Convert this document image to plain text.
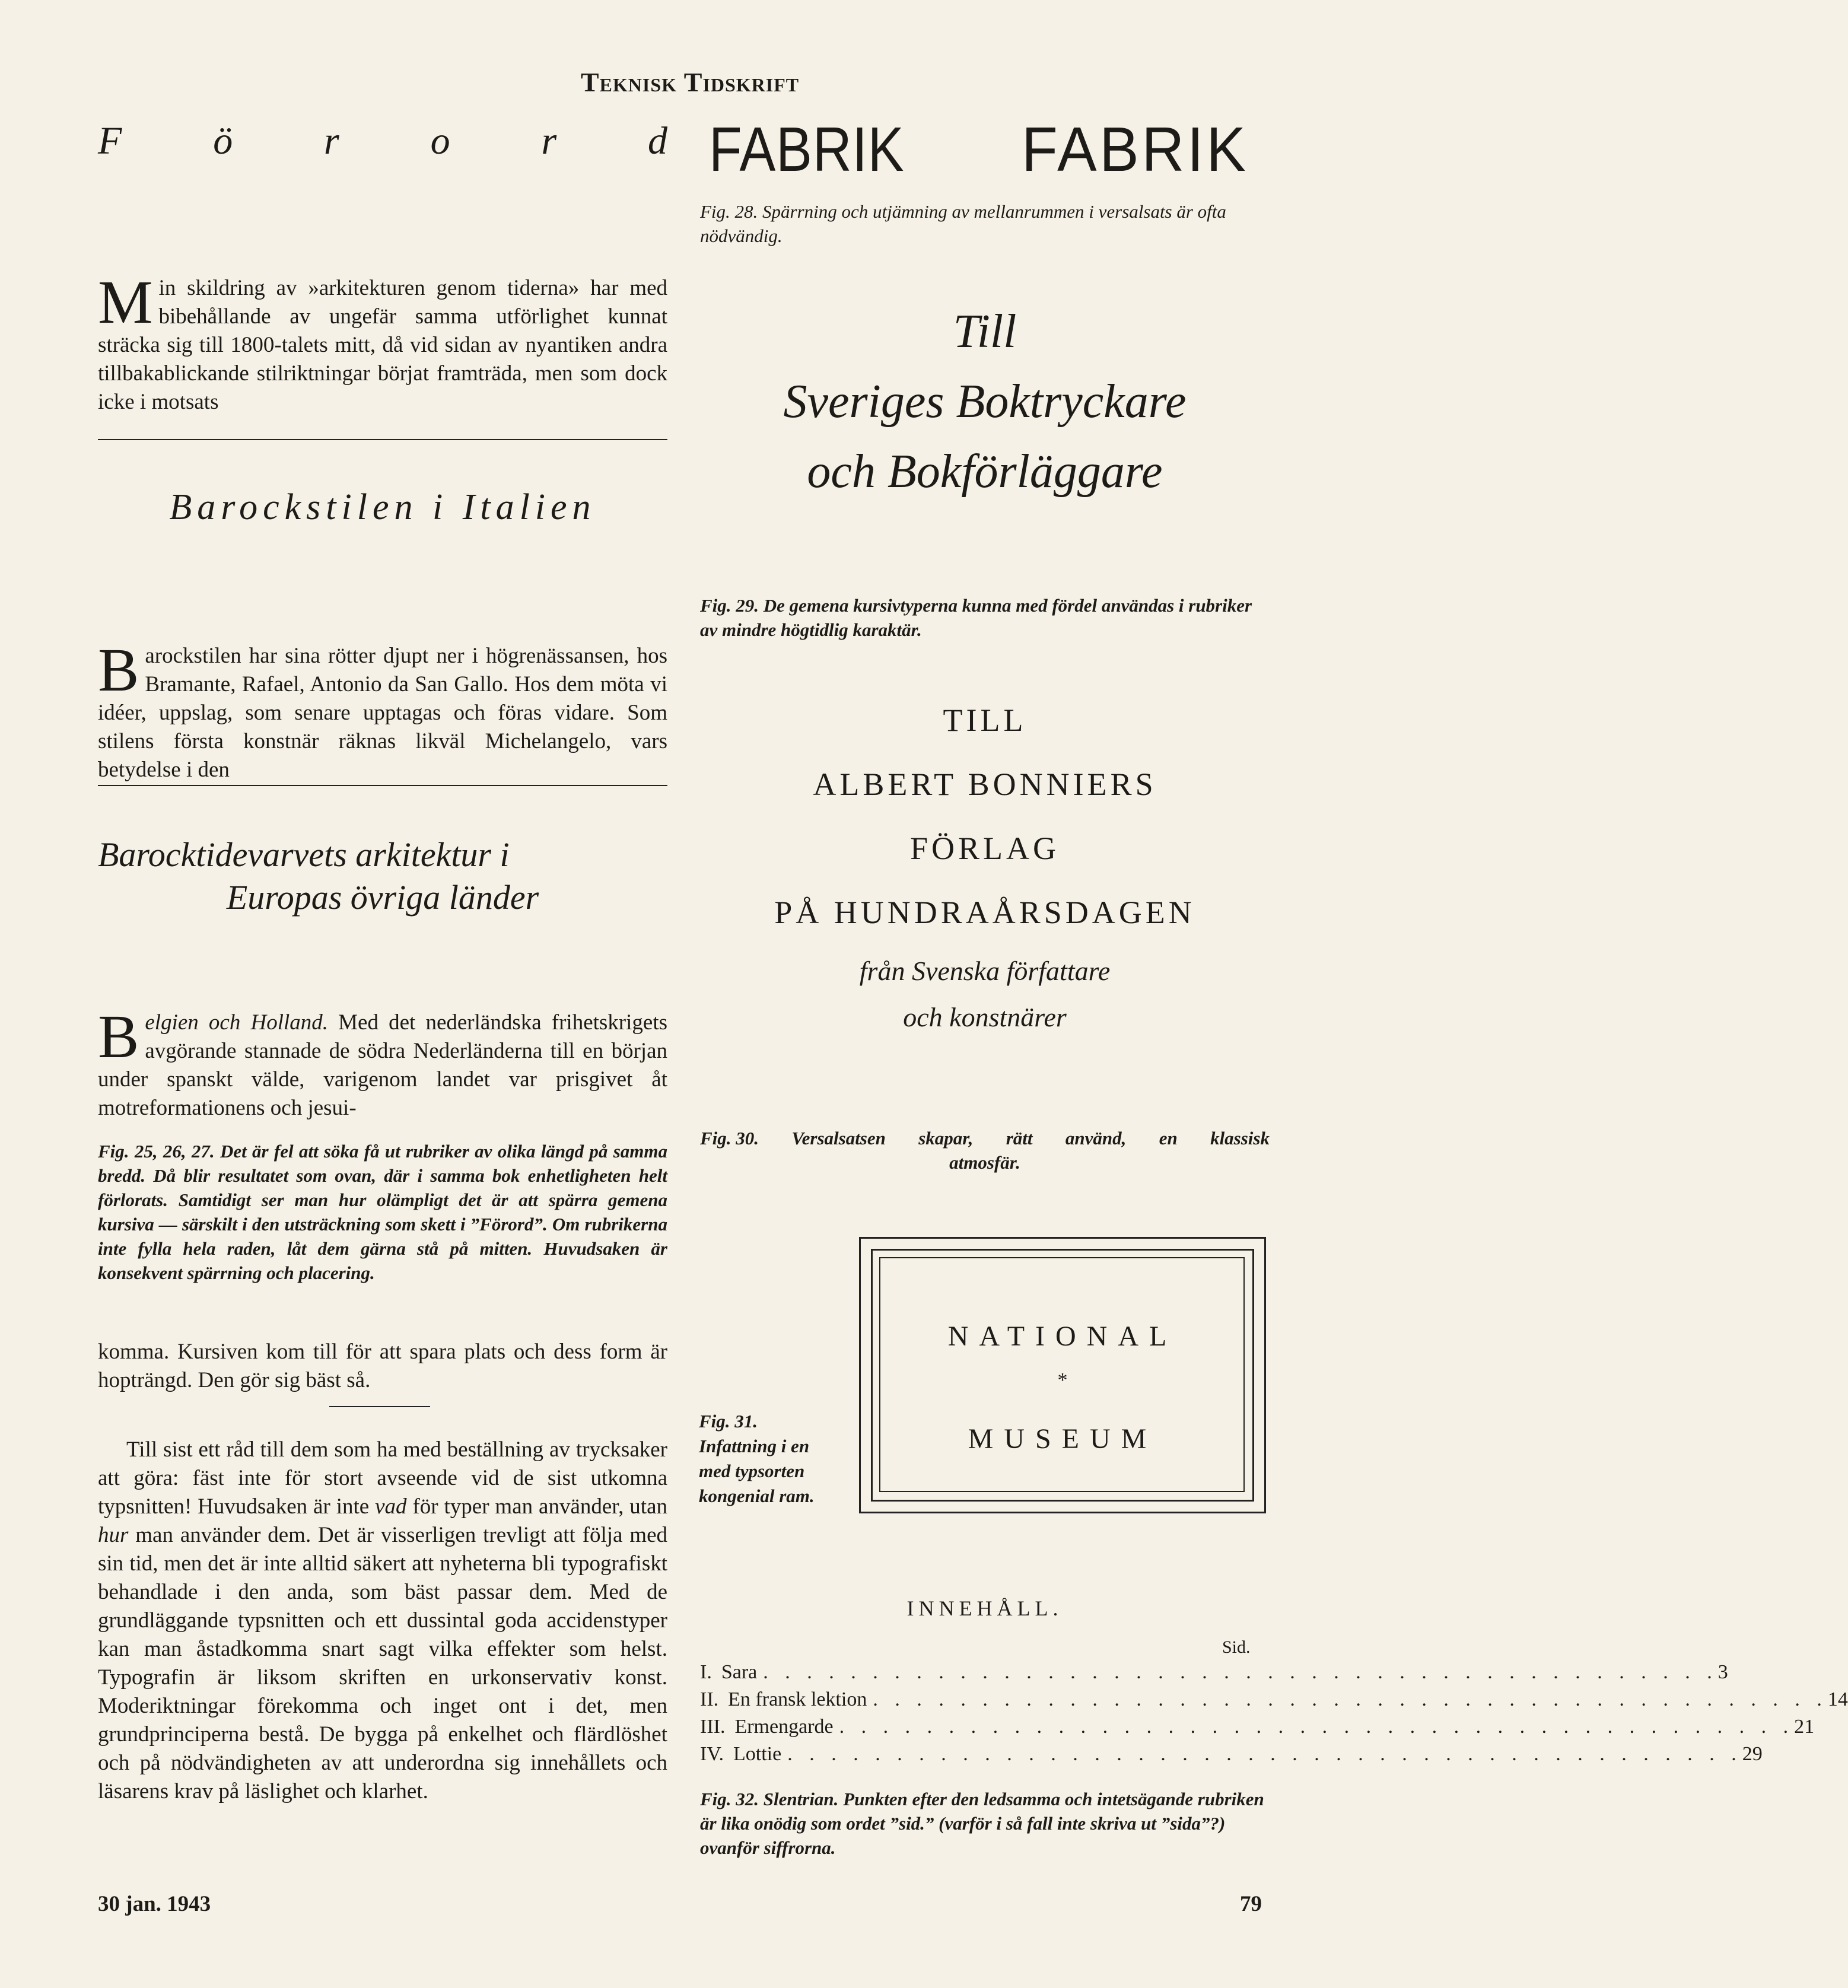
Teknisk Tidskrift
F ö r o r d
Min skildring av »arkitekturen genom tiderna» har med bibehållande av ungefär samma utförlighet kunnat sträcka sig till 1800-talets mitt, då vid sidan av nyantiken andra tillbakablickande stilriktningar börjat framträda, men som dock icke i motsats
Barockstilen i Italien
Barockstilen har sina rötter djupt ner i högrenässansen, hos Bramante, Rafael, Antonio da San Gallo. Hos dem möta vi idéer, uppslag, som senare upptagas och föras vidare. Som stilens första konstnär räknas likväl Michelangelo, vars betydelse i den
Barocktidevarvets arkitektur i
Europas övriga länder
Belgien och Holland. Med det nederländska frihetskrigets avgörande stannade de södra Nederländerna till en början under spanskt välde, varigenom landet var prisgivet åt motreformationens och jesui-
Fig. 25, 26, 27. Det är fel att söka få ut rubriker av olika längd på samma bredd. Då blir resultatet som ovan, där i samma bok enhetligheten helt förlorats. Samtidigt ser man hur olämpligt det är att spärra gemena kursiva — särskilt i den utsträckning som skett i ”Förord”. Om rubrikerna inte fylla hela raden, låt dem gärna stå på mitten. Huvudsaken är konsekvent spärrning och placering.
komma. Kursiven kom till för att spara plats och dess form är hopträngd. Den gör sig bäst så.
Till sist ett råd till dem som ha med beställning av trycksaker att göra: fäst inte för stort avseende vid de sist utkomna typsnitten! Huvudsaken är inte vad för typer man använder, utan hur man använder dem. Det är visserligen trevligt att följa med sin tid, men det är inte alltid säkert att nyheterna bli typografiskt behandlade i den anda, som bäst passar dem. Med de grundläggande typsnitten och ett dussintal goda accidenstyper kan man åstadkomma snart sagt vilka effekter som helst. Typografin är liksom skriften en urkonservativ konst. Moderiktningar förekomma och inget ont i det, men grundprinciperna bestå. De bygga på enkelhet och flärdlöshet och på nödvändigheten av att underordna sig innehållets och läsarens krav på läslighet och klarhet.
30 jan. 1943
FABRIK FABRIK
Fig. 28. Spärrning och utjämning av mellanrummen i versalsats är ofta nödvändig.
Till
Sveriges Boktryckare
och Bokförläggare
Fig. 29. De gemena kursivtyperna kunna med fördel användas i rubriker av mindre högtidlig karaktär.
TILL
ALBERT BONNIERS
FÖRLAG
PÅ HUNDRAÅRSDAGEN
från Svenska författare
och konstnärer
Fig. 30. Versalsatsen skapar, rätt använd, en klassisk
atmosfär.
NATIONAL
*
MUSEUM
Fig. 31. Infattning i en med typsorten kongenial ram.
INNEHÅLL.
Sid.
I. Sara . . . . . . . . . . . . . . . . . . . . . . . . . . . . . . . . . . . . . . . . . . . . 3
II. En fransk lektion . . . . . . . . . . . . . . . . . . . . . . . . . . . . . . . . . . . . . . . . . . . . 14
III. Ermengarde . . . . . . . . . . . . . . . . . . . . . . . . . . . . . . . . . . . . . . . . . . . . 21
IV. Lottie . . . . . . . . . . . . . . . . . . . . . . . . . . . . . . . . . . . . . . . . . . . . 29
Fig. 32. Slentrian. Punkten efter den ledsamma och intetsägande rubriken är lika onödig som ordet ”sid.” (varför i så fall inte skriva ut ”sida”?) ovanför siffrorna.
79
